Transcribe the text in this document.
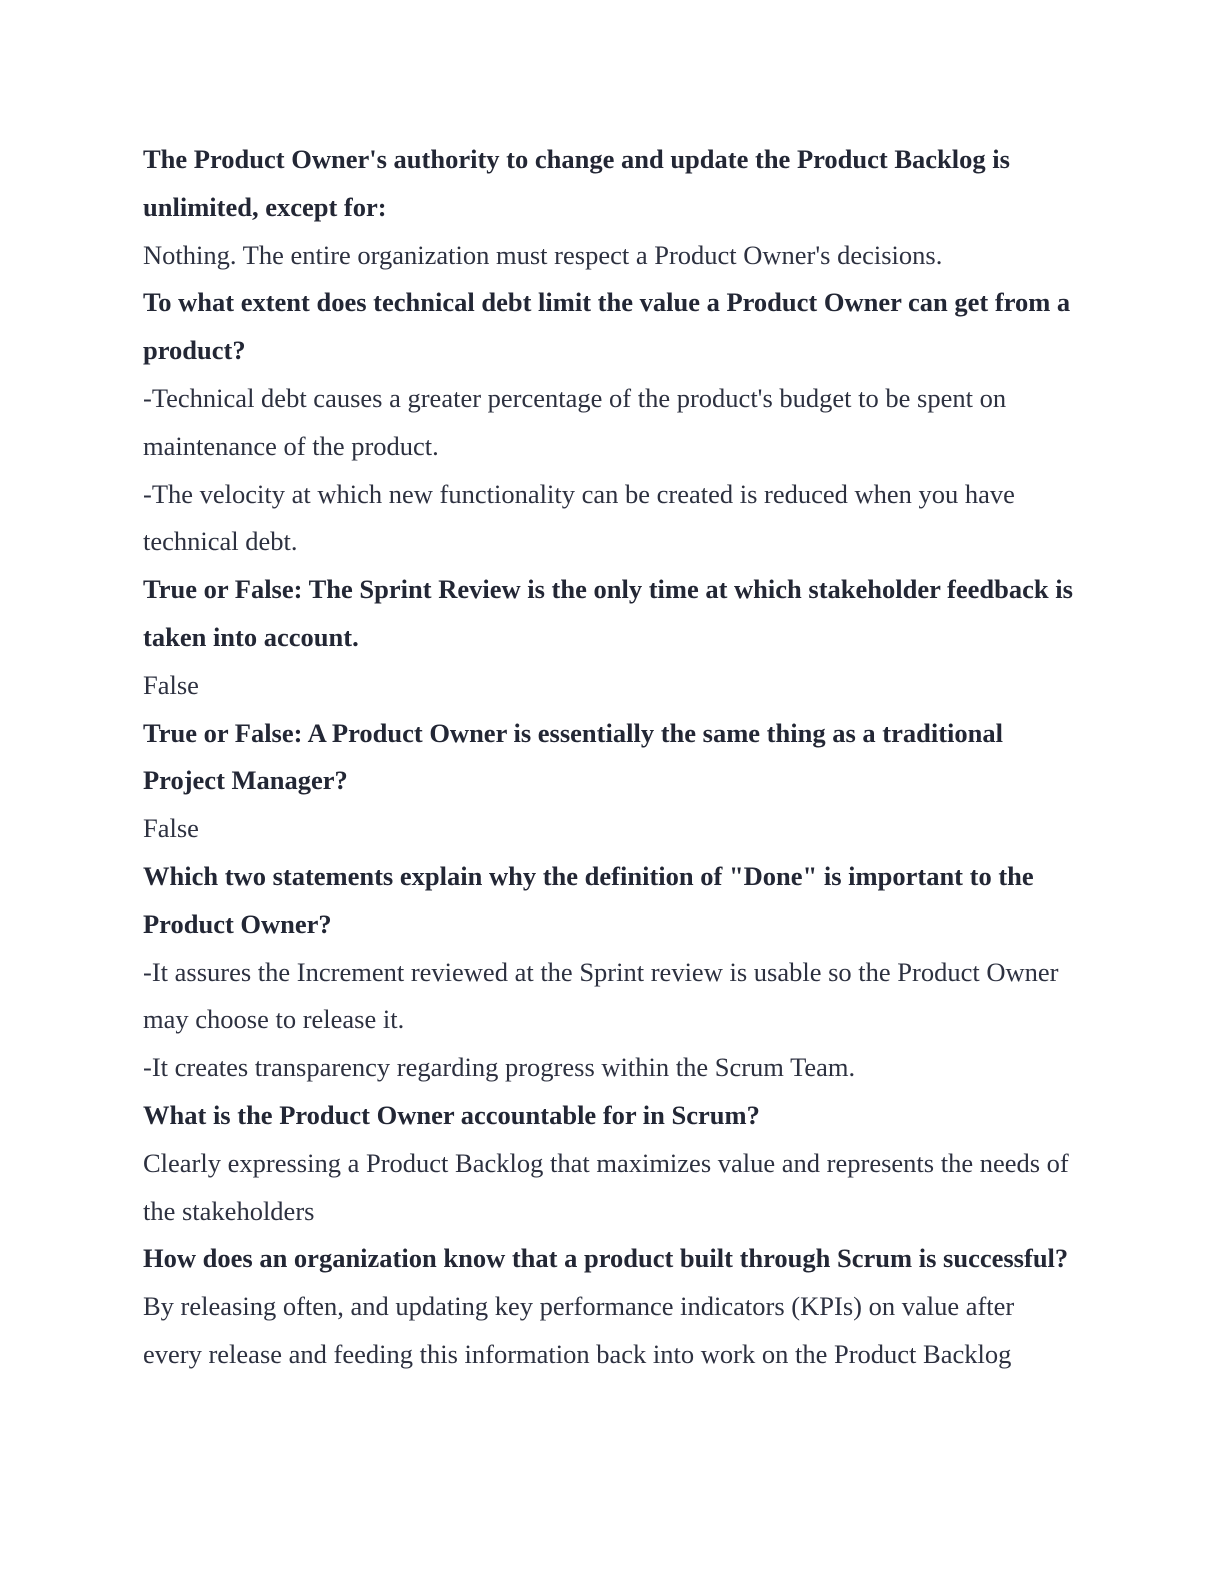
The Product Owner's authority to change and update the Product Backlog is unlimited, except for:

Nothing. The entire organization must respect a Product Owner's decisions.

To what extent does technical debt limit the value a Product Owner can get from a product?

-Technical debt causes a greater percentage of the product's budget to be spent on maintenance of the product.

-The velocity at which new functionality can be created is reduced when you have technical debt.

True or False: The Sprint Review is the only time at which stakeholder feedback is taken into account.

False

True or False: A Product Owner is essentially the same thing as a traditional Project Manager?

False

Which two statements explain why the definition of "Done" is important to the Product Owner?

-It assures the Increment reviewed at the Sprint review is usable so the Product Owner may choose to release it.

-It creates transparency regarding progress within the Scrum Team.

What is the Product Owner accountable for in Scrum?

Clearly expressing a Product Backlog that maximizes value and represents the needs of the stakeholders

How does an organization know that a product built through Scrum is successful?

By releasing often, and updating key performance indicators (KPIs) on value after every release and feeding this information back into work on the Product Backlog
